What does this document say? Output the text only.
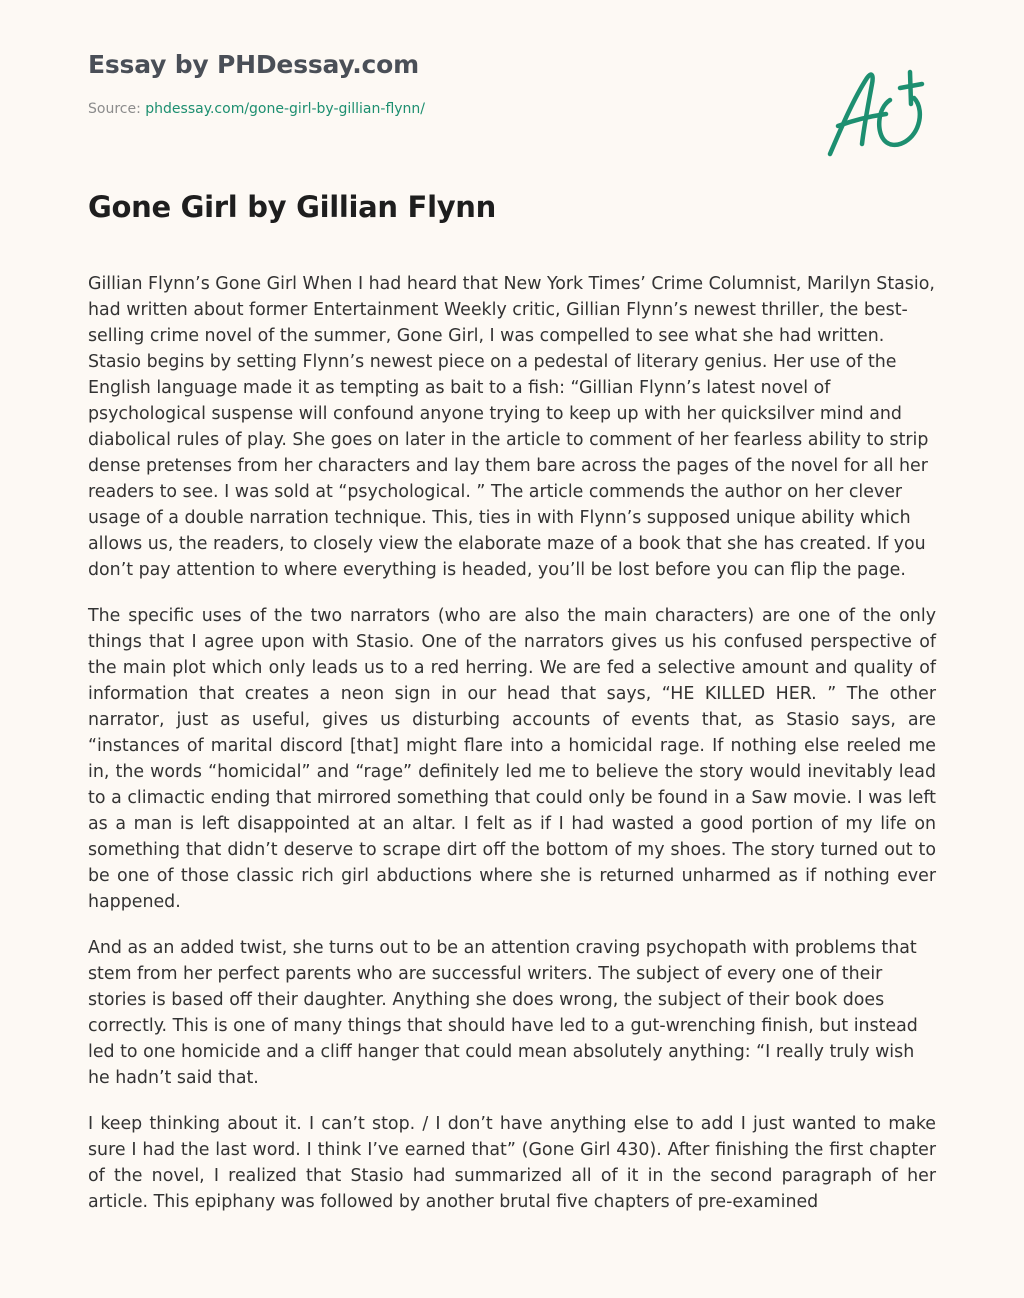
Essay by PHDessay.com
Source: phdessay.com/gone-girl-by-gillian-flynn/
Gone Girl by Gillian Flynn

Gillian Flynn’s Gone Girl When I had heard that New York Times’ Crime Columnist, Marilyn Stasio, had written about former Entertainment Weekly critic, Gillian Flynn’s newest thriller, the best-selling crime novel of the summer, Gone Girl, I was compelled to see what she had written. Stasio begins by setting Flynn’s newest piece on a pedestal of literary genius. Her use of the English language made it as tempting as bait to a fish: “Gillian Flynn’s latest novel of psychological suspense will confound anyone trying to keep up with her quicksilver mind and diabolical rules of play. She goes on later in the article to comment of her fearless ability to strip dense pretenses from her characters and lay them bare across the pages of the novel for all her readers to see. I was sold at “psychological. ” The article commends the author on her clever usage of a double narration technique. This, ties in with Flynn’s supposed unique ability which allows us, the readers, to closely view the elaborate maze of a book that she has created. If you don’t pay attention to where everything is headed, you’ll be lost before you can flip the page.

The specific uses of the two narrators (who are also the main characters) are one of the only things that I agree upon with Stasio. One of the narrators gives us his confused perspective of the main plot which only leads us to a red herring. We are fed a selective amount and quality of information that creates a neon sign in our head that says, “HE KILLED HER. ” The other narrator, just as useful, gives us disturbing accounts of events that, as Stasio says, are “instances of marital discord [that] might flare into a homicidal rage. If nothing else reeled me in, the words “homicidal” and “rage” definitely led me to believe the story would inevitably lead to a climactic ending that mirrored something that could only be found in a Saw movie. I was left as a man is left disappointed at an altar. I felt as if I had wasted a good portion of my life on something that didn’t deserve to scrape dirt off the bottom of my shoes. The story turned out to be one of those classic rich girl abductions where she is returned unharmed as if nothing ever happened.

And as an added twist, she turns out to be an attention craving psychopath with problems that stem from her perfect parents who are successful writers. The subject of every one of their stories is based off their daughter. Anything she does wrong, the subject of their book does correctly. This is one of many things that should have led to a gut-wrenching finish, but instead led to one homicide and a cliff hanger that could mean absolutely anything: “I really truly wish he hadn’t said that.

I keep thinking about it. I can’t stop. / I don’t have anything else to add I just wanted to make sure I had the last word. I think I’ve earned that” (Gone Girl 430). After finishing the first chapter of the novel, I realized that Stasio had summarized all of it in the second paragraph of her article. This epiphany was followed by another brutal five chapters of pre-examined
